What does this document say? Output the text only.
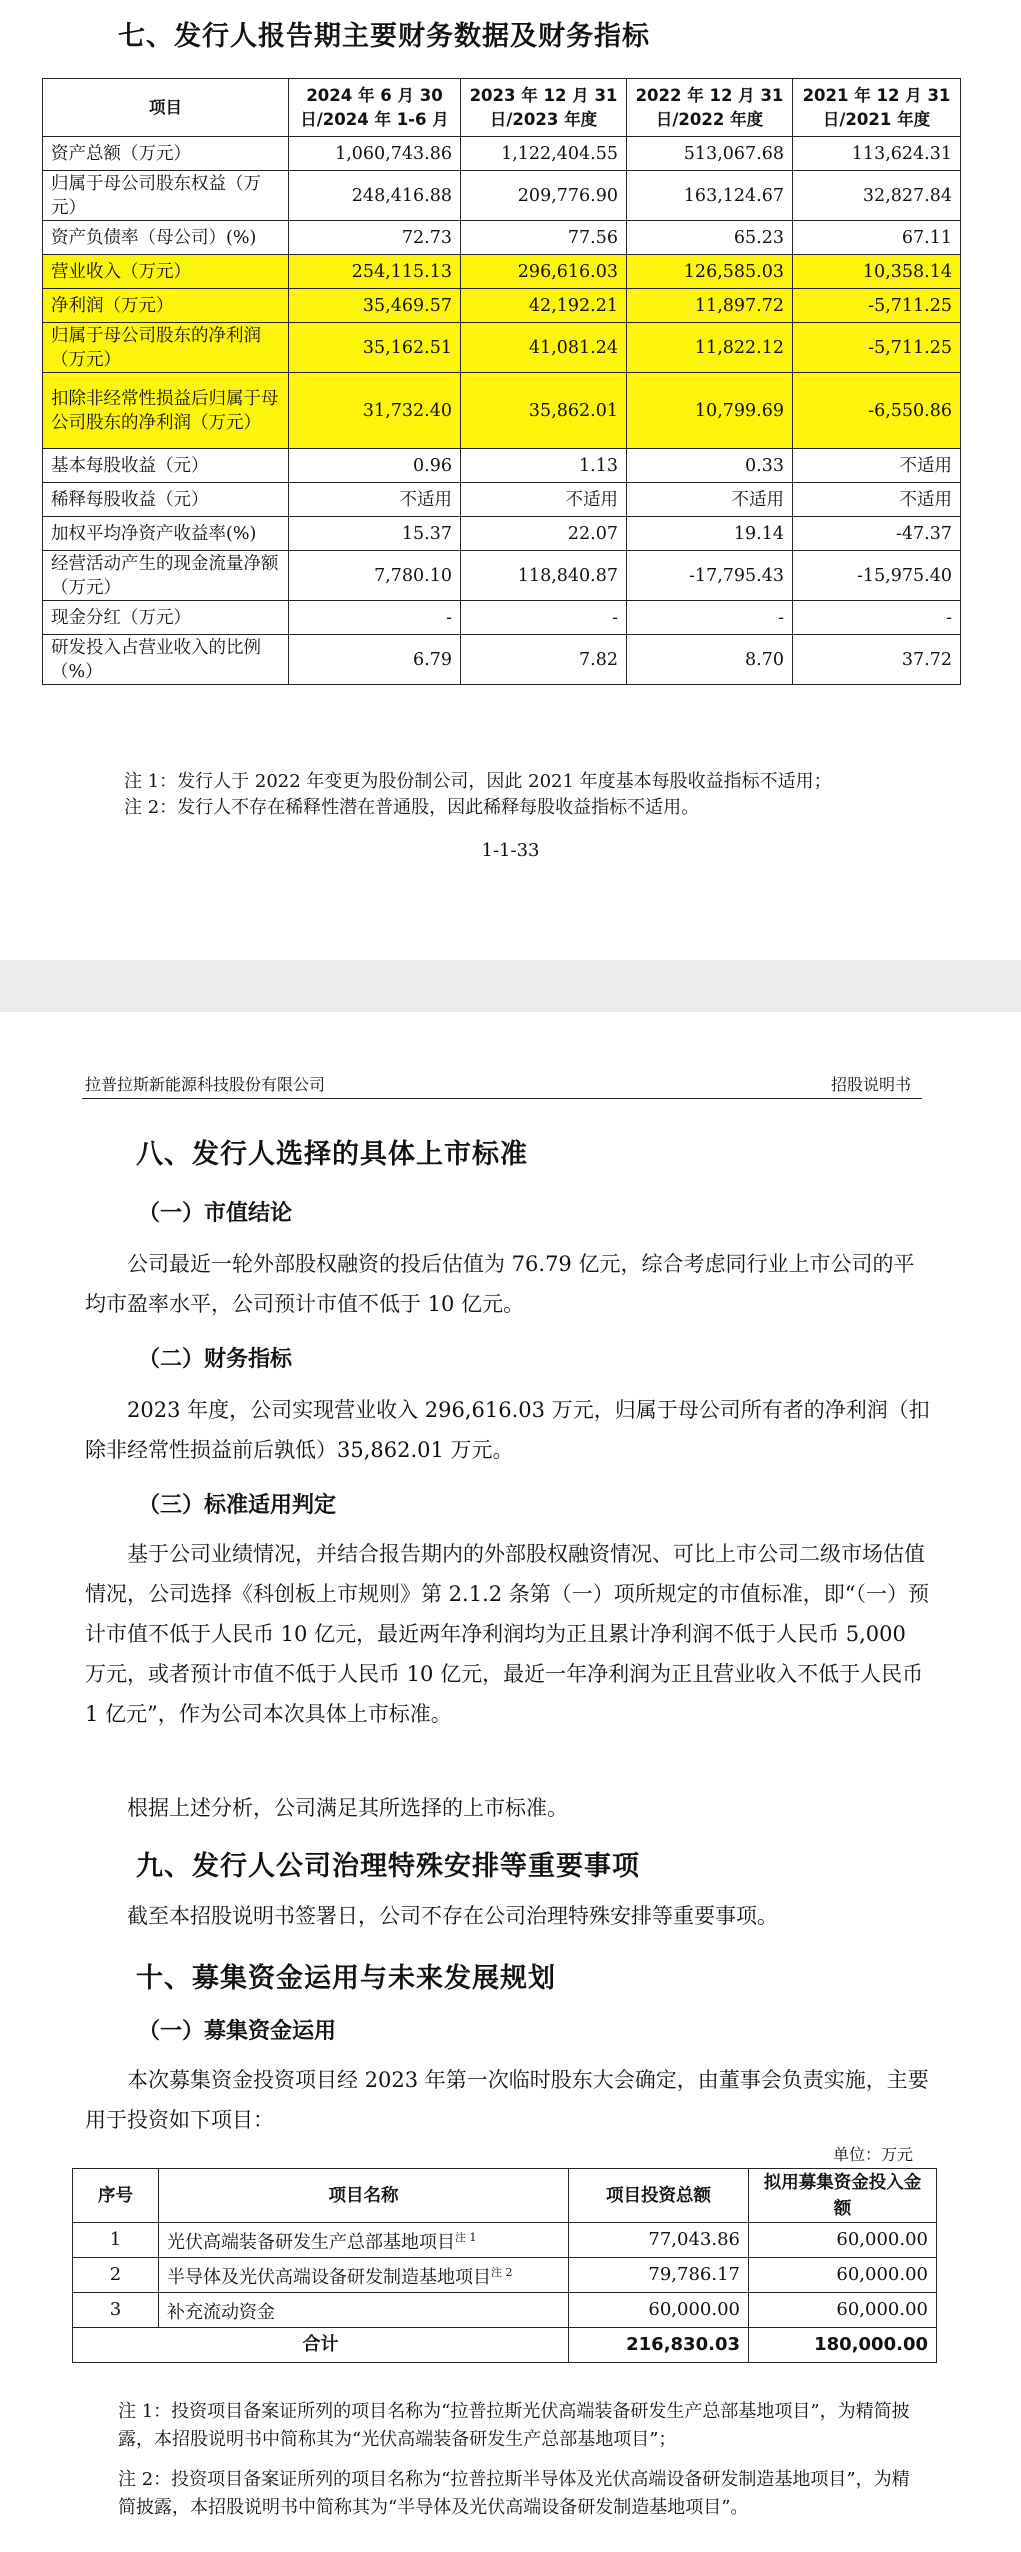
七、发行人报告期主要财务数据及财务指标
项目	2024 年 6 月 30 日/2024 年 1-6 月	2023 年 12 月 31 日/2023 年度	2022 年 12 月 31 日/2022 年度	2021 年 12 月 31 日/2021 年度
资产总额（万元）	1,060,743.86	1,122,404.55	513,067.68	113,624.31
归属于母公司股东权益（万元）	248,416.88	209,776.90	163,124.67	32,827.84
资产负债率（母公司）(%)	72.73	77.56	65.23	67.11
营业收入（万元）	254,115.13	296,616.03	126,585.03	10,358.14
净利润（万元）	35,469.57	42,192.21	11,897.72	-5,711.25
归属于母公司股东的净利润（万元）	35,162.51	41,081.24	11,822.12	-5,711.25
扣除非经常性损益后归属于母公司股东的净利润（万元）	31,732.40	35,862.01	10,799.69	-6,550.86
基本每股收益（元）	0.96	1.13	0.33	不适用
稀释每股收益（元）	不适用	不适用	不适用	不适用
加权平均净资产收益率(%)	15.37	22.07	19.14	-47.37
经营活动产生的现金流量净额（万元）	7,780.10	118,840.87	-17,795.43	-15,975.40
现金分红（万元）	-	-	-	-
研发投入占营业收入的比例（%）	6.79	7.82	8.70	37.72

注 1：发行人于 2022 年变更为股份制公司，因此 2021 年度基本每股收益指标不适用；

注 2：发行人不存在稀释性潜在普通股，因此稀释每股收益指标不适用。

1-1-33
拉普拉斯新能源科技股份有限公司	招股说明书
八、发行人选择的具体上市标准
（一）市值结论

公司最近一轮外部股权融资的投后估值为 76.79 亿元，综合考虑同行业上市公司的平均市盈率水平，公司预计市值不低于 10 亿元。

（二）财务指标

2023 年度，公司实现营业收入 296,616.03 万元，归属于母公司所有者的净利润（扣除非经常性损益前后孰低）35,862.01 万元。

（三）标准适用判定

基于公司业绩情况，并结合报告期内的外部股权融资情况、可比上市公司二级市场估值情况，公司选择《科创板上市规则》第 2.1.2 条第（一）项所规定的市值标准，即“（一）预计市值不低于人民币 10 亿元，最近两年净利润均为正且累计净利润不低于人民币 5,000 万元，或者预计市值不低于人民币 10 亿元，最近一年净利润为正且营业收入不低于人民币 1 亿元”，作为公司本次具体上市标准。

根据上述分析，公司满足其所选择的上市标准。

九、发行人公司治理特殊安排等重要事项

截至本招股说明书签署日，公司不存在公司治理特殊安排等重要事项。

十、募集资金运用与未来发展规划
（一）募集资金运用

本次募集资金投资项目经 2023 年第一次临时股东大会确定，由董事会负责实施，主要用于投资如下项目：

单位：万元
序号	项目名称	项目投资总额	拟用募集资金投入金额
1	光伏高端装备研发生产总部基地项目$^{注 1}$	77,043.86	60,000.00
2	半导体及光伏高端设备研发制造基地项目$^{注 2}$	79,786.17	60,000.00
3	补充流动资金	60,000.00	60,000.00
合计		216,830.03	180,000.00

注 1：投资项目备案证所列的项目名称为“拉普拉斯光伏高端装备研发生产总部基地项目”，为精简披露，本招股说明书中简称其为“光伏高端装备研发生产总部基地项目”；

注 2：投资项目备案证所列的项目名称为“拉普拉斯半导体及光伏高端设备研发制造基地项目”，为精简披露，本招股说明书中简称其为“半导体及光伏高端设备研发制造基地项目”。
